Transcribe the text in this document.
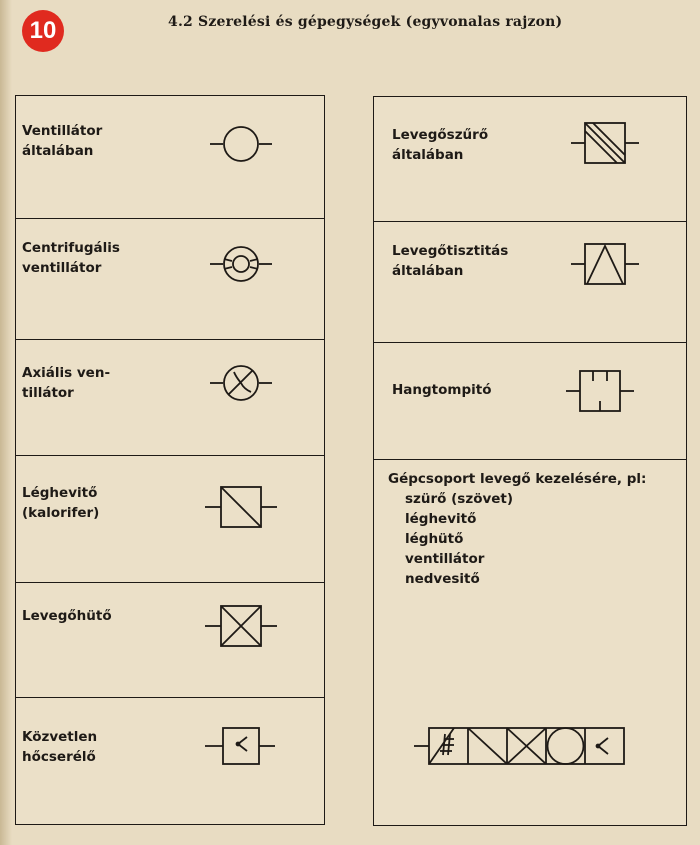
10	4.2 Szerelési és gépegységek (egyvonalas rajzon)
Ventillátor
általában
Centrifugális
ventillátor
Axiális ven-
tillátor
Léghevitő
(kalorifer)
Levegőhütő
Közvetlen
hőcserélő
Levegőszűrő
általában
Levegőtisztitás
általában
Hangtompitó
Gépcsoport levegő kezelésére, pl:
szürő (szövet)
léghevitő
léghütő
ventillátor
nedvesitő
